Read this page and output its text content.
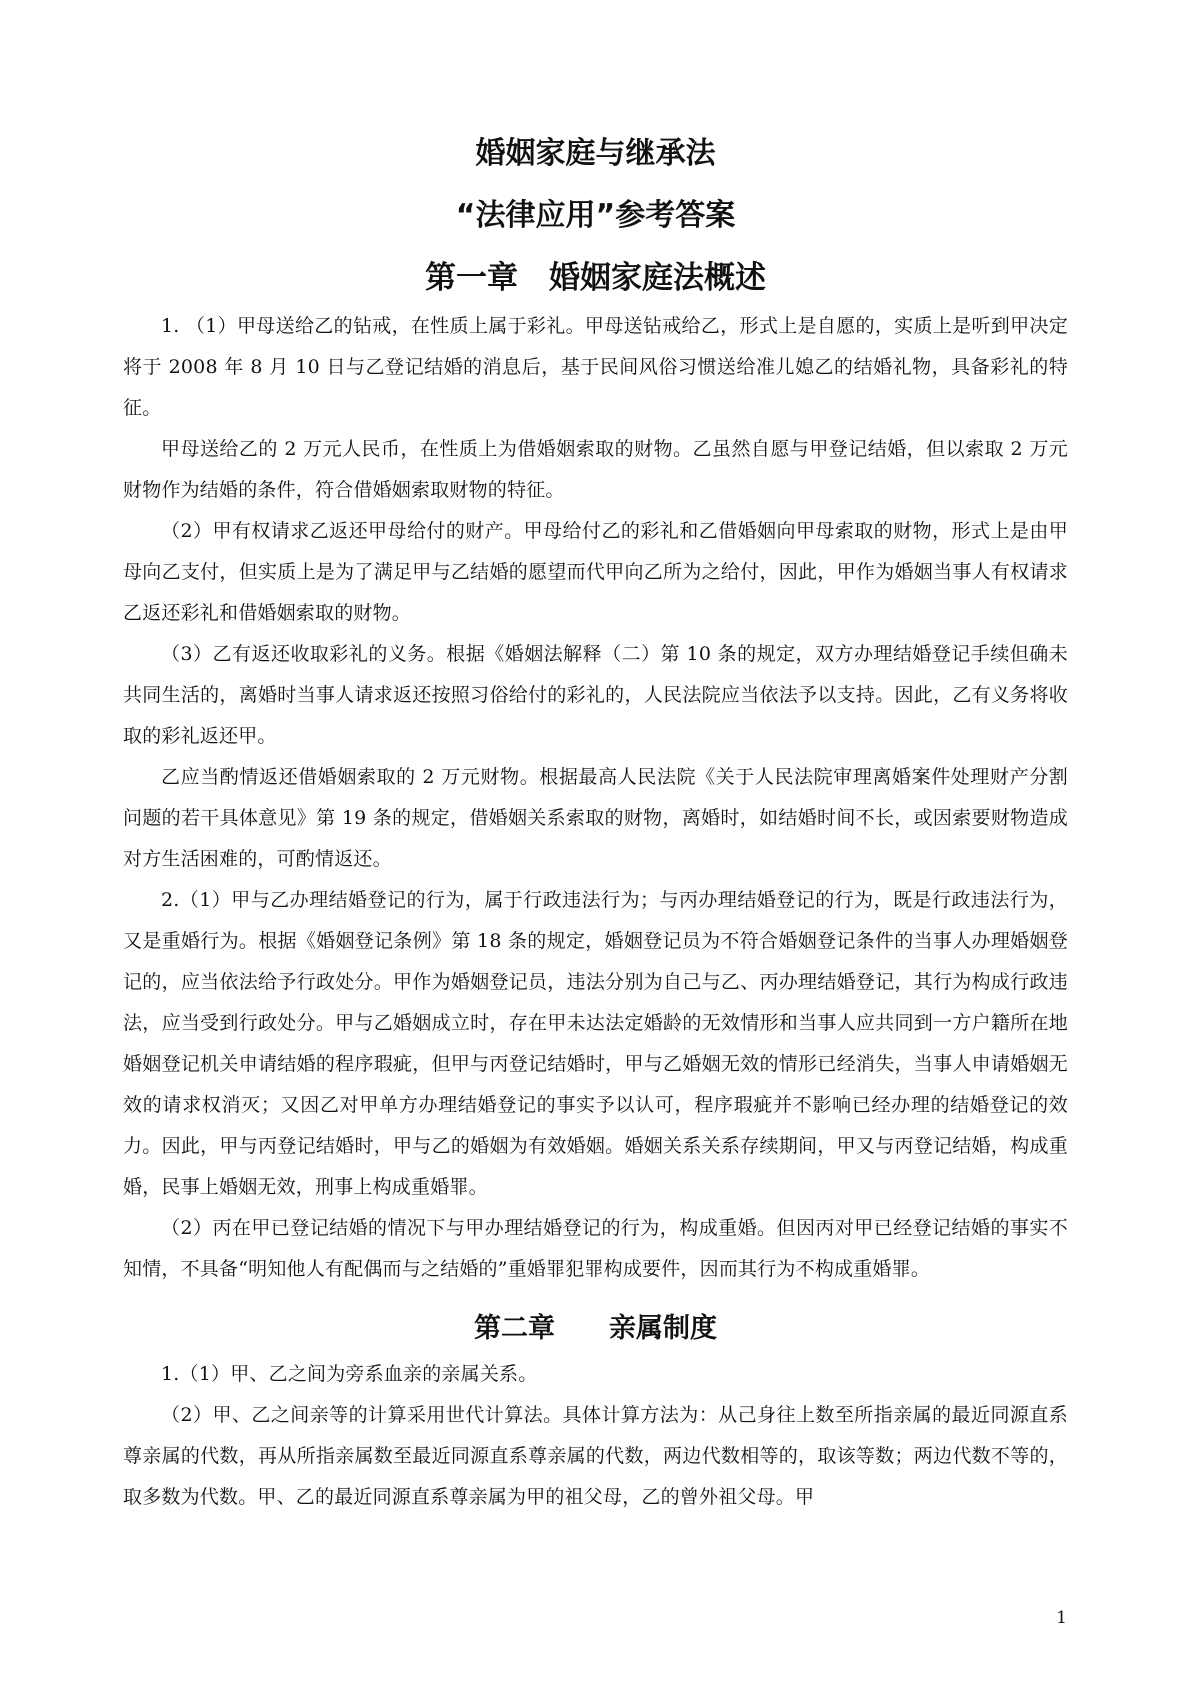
婚姻家庭与继承法
“法律应用”参考答案
第一章　婚姻家庭法概述

1. （1）甲母送给乙的钻戒，在性质上属于彩礼。甲母送钻戒给乙，形式上是自愿的，实质上是听到甲决定将于 2008 年 8 月 10 日与乙登记结婚的消息后，基于民间风俗习惯送给准儿媳乙的结婚礼物，具备彩礼的特征。

甲母送给乙的 2 万元人民币，在性质上为借婚姻索取的财物。乙虽然自愿与甲登记结婚，但以索取 2 万元财物作为结婚的条件，符合借婚姻索取财物的特征。

（2）甲有权请求乙返还甲母给付的财产。甲母给付乙的彩礼和乙借婚姻向甲母索取的财物，形式上是由甲母向乙支付，但实质上是为了满足甲与乙结婚的愿望而代甲向乙所为之给付，因此，甲作为婚姻当事人有权请求乙返还彩礼和借婚姻索取的财物。

（3）乙有返还收取彩礼的义务。根据《婚姻法解释（二）第 10 条的规定，双方办理结婚登记手续但确未共同生活的，离婚时当事人请求返还按照习俗给付的彩礼的，人民法院应当依法予以支持。因此，乙有义务将收取的彩礼返还甲。

乙应当酌情返还借婚姻索取的 2 万元财物。根据最高人民法院《关于人民法院审理离婚案件处理财产分割问题的若干具体意见》第 19 条的规定，借婚姻关系索取的财物，离婚时，如结婚时间不长，或因索要财物造成对方生活困难的，可酌情返还。

2.（1）甲与乙办理结婚登记的行为，属于行政违法行为；与丙办理结婚登记的行为，既是行政违法行为，又是重婚行为。根据《婚姻登记条例》第 18 条的规定，婚姻登记员为不符合婚姻登记条件的当事人办理婚姻登记的，应当依法给予行政处分。甲作为婚姻登记员，违法分别为自己与乙、丙办理结婚登记，其行为构成行政违法，应当受到行政处分。甲与乙婚姻成立时，存在甲未达法定婚龄的无效情形和当事人应共同到一方户籍所在地婚姻登记机关申请结婚的程序瑕疵，但甲与丙登记结婚时，甲与乙婚姻无效的情形已经消失，当事人申请婚姻无效的请求权消灭；又因乙对甲单方办理结婚登记的事实予以认可，程序瑕疵并不影响已经办理的结婚登记的效力。因此，甲与丙登记结婚时，甲与乙的婚姻为有效婚姻。婚姻关系关系存续期间，甲又与丙登记结婚，构成重婚，民事上婚姻无效，刑事上构成重婚罪。

（2）丙在甲已登记结婚的情况下与甲办理结婚登记的行为，构成重婚。但因丙对甲已经登记结婚的事实不知情，不具备“明知他人有配偶而与之结婚的”重婚罪犯罪构成要件，因而其行为不构成重婚罪。

第二章　　亲属制度

1.（1）甲、乙之间为旁系血亲的亲属关系。

（2）甲、乙之间亲等的计算采用世代计算法。具体计算方法为：从己身往上数至所指亲属的最近同源直系尊亲属的代数，再从所指亲属数至最近同源直系尊亲属的代数，两边代数相等的，取该等数；两边代数不等的，取多数为代数。甲、乙的最近同源直系尊亲属为甲的祖父母，乙的曾外祖父母。甲

1
